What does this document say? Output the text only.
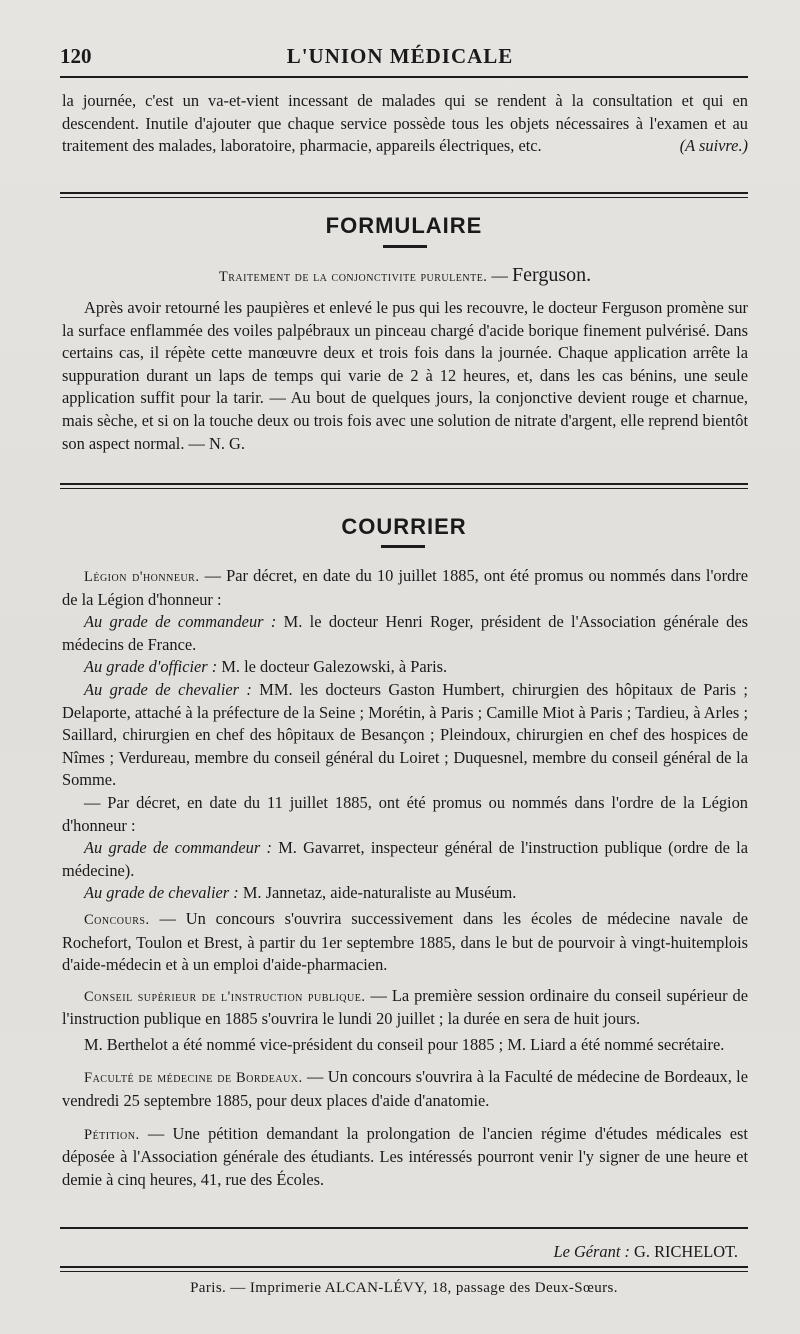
120	L'UNION MÉDICALE

la journée, c'est un va-et-vient incessant de malades qui se rendent à la consultation et qui en descendent. Inutile d'ajouter que chaque service possède tous les objets nécessaires à l'examen et au traitement des malades, laboratoire, pharmacie, appareils électriques, etc.	(A suivre.)

FORMULAIRE
Traitement de la conjonctivite purulente. — Ferguson.
Après avoir retourné les paupières et enlevé le pus qui les recouvre, le docteur Ferguson promène sur la surface enflammée des voiles palpébraux un pinceau chargé d'acide borique finement pulvérisé. Dans certains cas, il répète cette manœuvre deux et trois fois dans la journée. Chaque application arrête la suppuration durant un laps de temps qui varie de 2 à 12 heures, et, dans les cas bénins, une seule application suffit pour la tarir. — Au bout de quelques jours, la conjonctive devient rouge et charnue, mais sèche, et si on la touche deux ou trois fois avec une solution de nitrate d'argent, elle reprend bientôt son aspect normal. — N. G.
COURRIER

Légion d'honneur. — Par décret, en date du 10 juillet 1885, ont été promus ou nommés dans l'ordre de la Légion d'honneur :

Au grade de commandeur : M. le docteur Henri Roger, président de l'Association générale des médecins de France.

Au grade d'officier : M. le docteur Galezowski, à Paris.

Au grade de chevalier : MM. les docteurs Gaston Humbert, chirurgien des hôpitaux de Paris ; Delaporte, attaché à la préfecture de la Seine ; Morétin, à Paris ; Camille Miot à Paris ; Tardieu, à Arles ; Saillard, chirurgien en chef des hôpitaux de Besançon ; Pleindoux, chirurgien en chef des hospices de Nîmes ; Verdureau, membre du conseil général du Loiret ; Duquesnel, membre du conseil général de la Somme.

— Par décret, en date du 11 juillet 1885, ont été promus ou nommés dans l'ordre de la Légion d'honneur :

Au grade de commandeur : M. Gavarret, inspecteur général de l'instruction publique (ordre de la médecine).

Au grade de chevalier : M. Jannetaz, aide-naturaliste au Muséum.

Concours. — Un concours s'ouvrira successivement dans les écoles de médecine navale de Rochefort, Toulon et Brest, à partir du 1er septembre 1885, dans le but de pourvoir à vingt-huitemplois d'aide-médecin et à un emploi d'aide-pharmacien.

Conseil supérieur de l'instruction publique. — La première session ordinaire du conseil supérieur de l'instruction publique en 1885 s'ouvrira le lundi 20 juillet ; la durée en sera de huit jours.

M. Berthelot a été nommé vice-président du conseil pour 1885 ; M. Liard a été nommé secrétaire.

Faculté de médecine de Bordeaux. — Un concours s'ouvrira à la Faculté de médecine de Bordeaux, le vendredi 25 septembre 1885, pour deux places d'aide d'anatomie.

Pétition. — Une pétition demandant la prolongation de l'ancien régime d'études médicales est déposée à l'Association générale des étudiants. Les intéressés pourront venir l'y signer de une heure et demie à cinq heures, 41, rue des Écoles.

Le Gérant : G. RICHELOT.
Paris. — Imprimerie ALCAN-LÉVY, 18, passage des Deux-Sœurs.
